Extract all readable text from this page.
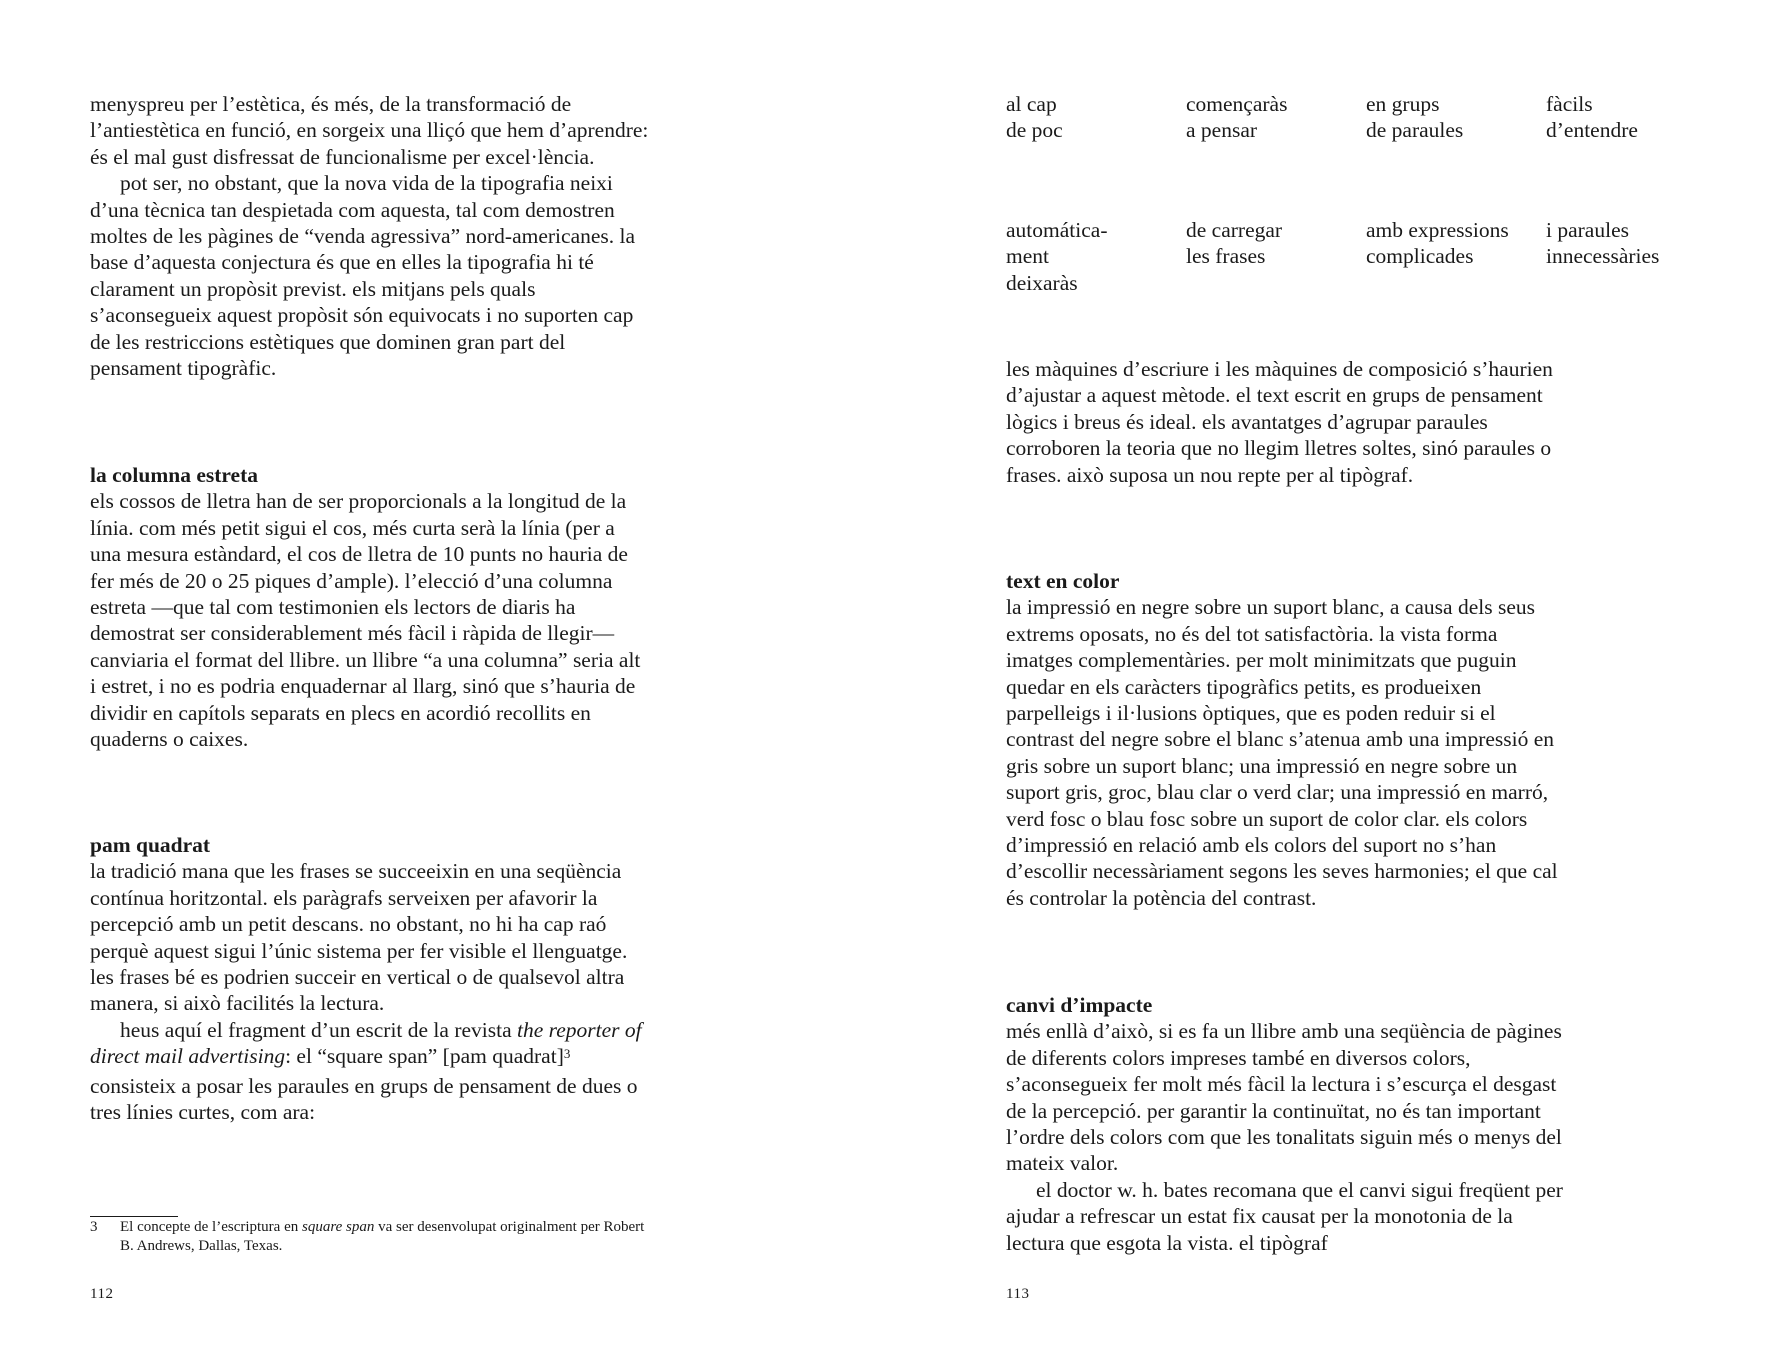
menyspreu per l’estètica, és més, de la transformació de l’antiestètica en funció, en sorgeix una lliçó que hem d’aprendre: és el mal gust disfressat de funcionalisme per excel·lència.

pot ser, no obstant, que la nova vida de la tipografia neixi d’una tècnica tan despietada com aquesta, tal com demostren moltes de les pàgines de “venda agressiva” nord-americanes. la base d’aquesta conjectura és que en elles la tipografia hi té clarament un propòsit previst. els mitjans pels quals s’aconsegueix aquest propòsit són equivocats i no suporten cap de les restriccions estètiques que dominen gran part del pensament tipogràfic.

la columna estreta

els cossos de lletra han de ser proporcionals a la longitud de la línia. com més petit sigui el cos, més curta serà la línia (per a una mesura estàndard, el cos de lletra de 10 punts no hauria de fer més de 20 o 25 piques d’ample). l’elecció d’una columna estreta —que tal com testimonien els lectors de diaris ha demostrat ser considerablement més fàcil i ràpida de llegir— canviaria el format del llibre. un llibre “a una columna” seria alt i estret, i no es podria enquadernar al llarg, sinó que s’hauria de dividir en capítols separats en plecs en acordió recollits en quaderns o caixes.

pam quadrat

la tradició mana que les frases se succeeixin en una seqüència contínua horitzontal. els paràgrafs serveixen per afavorir la percepció amb un petit descans. no obstant, no hi ha cap raó perquè aquest sigui l’únic sistema per fer visible el llenguatge. les frases bé es podrien succeir en vertical o de qualsevol altra manera, si això facilités la lectura.

heus aquí el fragment d’un escrit de la revista the reporter of direct mail advertising: el “square span” [pam quadrat]$^3$ consisteix a posar les paraules en grups de pensament de dues o tres línies curtes, com ara:

3 El concepte de l’escriptura en square span va ser desenvolupat originalment per Robert B. Andrews, Dallas, Texas.
112
al cap
de poc
començaràs
a pensar
en grups
de paraules
fàcils
d’entendre
automática-
ment
deixaràs
de carregar
les frases
amb expressions
complicades
i paraules
innecessàries

les màquines d’escriure i les màquines de composició s’haurien d’ajustar a aquest mètode. el text escrit en grups de pensament lògics i breus és ideal. els avantatges d’agrupar paraules corroboren la teoria que no llegim lletres soltes, sinó paraules o frases. això suposa un nou repte per al tipògraf.

text en color

la impressió en negre sobre un suport blanc, a causa dels seus extrems oposats, no és del tot satisfactòria. la vista forma imatges complementàries. per molt minimitzats que puguin quedar en els caràcters tipogràfics petits, es produeixen parpelleigs i il·lusions òptiques, que es poden reduir si el contrast del negre sobre el blanc s’atenua amb una impressió en gris sobre un suport blanc; una impressió en negre sobre un suport gris, groc, blau clar o verd clar; una impressió en marró, verd fosc o blau fosc sobre un suport de color clar. els colors d’impressió en relació amb els colors del suport no s’han d’escollir necessàriament segons les seves harmonies; el que cal és controlar la potència del contrast.

canvi d’impacte

més enllà d’això, si es fa un llibre amb una seqüència de pàgines de diferents colors impreses també en diversos colors, s’aconsegueix fer molt més fàcil la lectura i s’escurça el desgast de la percepció. per garantir la continuïtat, no és tan important l’ordre dels colors com que les tonalitats siguin més o menys del mateix valor.

el doctor w. h. bates recomana que el canvi sigui freqüent per ajudar a refrescar un estat fix causat per la monotonia de la lectura que esgota la vista. el tipògraf

113
